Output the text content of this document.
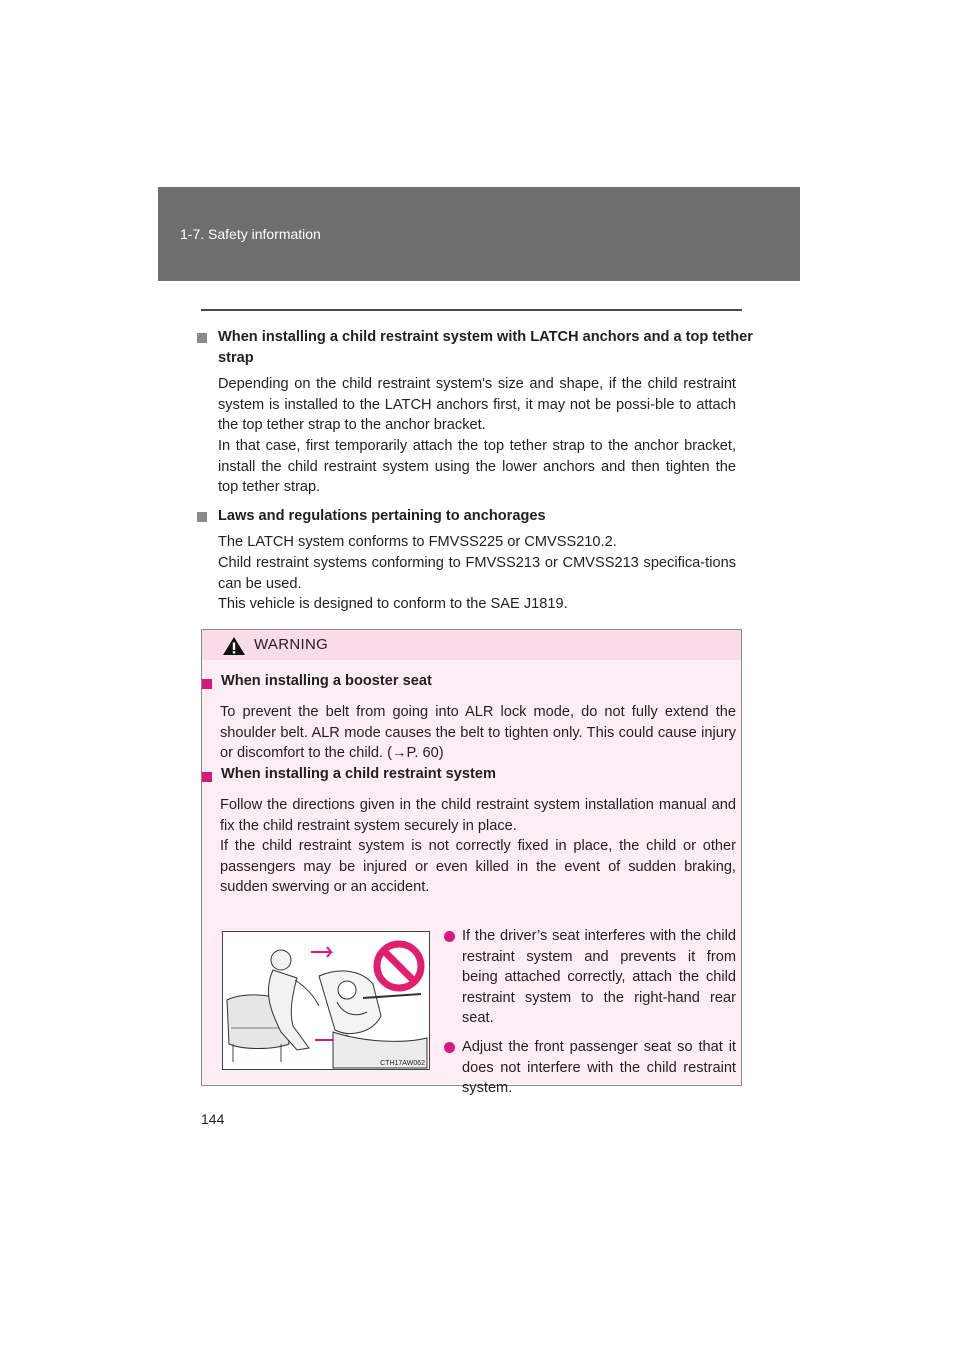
1-7. Safety information
When installing a child restraint system with LATCH anchors and a top tether strap

Depending on the child restraint system's size and shape, if the child restraint system is installed to the LATCH anchors first, it may not be possi-ble to attach the top tether strap to the anchor bracket.

In that case, first temporarily attach the top tether strap to the anchor bracket, install the child restraint system using the lower anchors and then tighten the top tether strap.

Laws and regulations pertaining to anchorages

The LATCH system conforms to FMVSS225 or CMVSS210.2.

Child restraint systems conforming to FMVSS213 or CMVSS213 specifica-tions can be used.

This vehicle is designed to conform to the SAE J1819.

WARNING
When installing a booster seat

To prevent the belt from going into ALR lock mode, do not fully extend the shoulder belt. ALR mode causes the belt to tighten only. This could cause injury or discomfort to the child. (→P. 60)

When installing a child restraint system

Follow the directions given in the child restraint system installation manual and fix the child restraint system securely in place.

If the child restraint system is not correctly fixed in place, the child or other passengers may be injured or even killed in the event of sudden braking, sudden swerving or an accident.

CTH17AW062

If the driver’s seat interferes with the child restraint system and prevents it from being attached correctly, attach the child restraint system to the right-hand rear seat.

Adjust the front passenger seat so that it does not interfere with the child restraint system.

144
